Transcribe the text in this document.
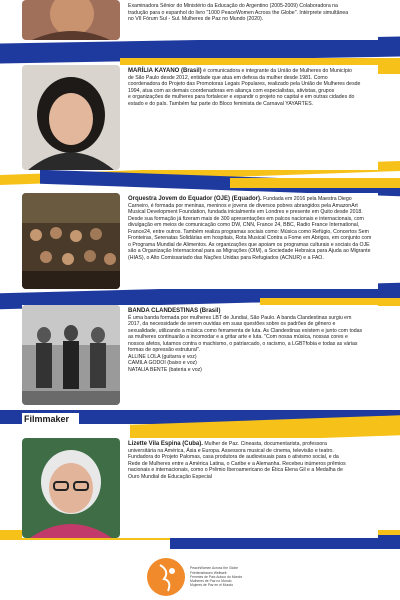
Examinadora Sênior do Ministério da Educação do Argentino (2005-2009) Colaboradora na
tradução para o espanhol do livro "1000 PeaceWomen Across the Globe". Intérprete simultânea
no VII Fórum Sul - Sul. Mulheres de Paz no Mundo (2020).
MARÍLIA KAYANO (Brasil) é comunicadora e integrante da União de Mulheres do Município
de São Paulo desde 2012, entidade que atua em defesa da mulher desde 1981. Como
coordenadora do Projeto das Promotoras Legais Populares, realizado pela União de Mulheres desde
1994, atua com as demais coordenadoras em aliança com especialistas, ativistas, grupos
e organizações de mulheres para fortalecer e expandir o projeto no capital e em outras cidades do
estado e do país. Também faz parte do Bloco feminista de Carnaval YAYARTES.
Orquestra Jovem do Equador (OJE) (Equador). Fundada em 2016 pela Maestra Diego
Carneiro, é formada por meninas, meninos e jovens de diversos pobres abrangidos pela AmazonArt
Musical Development Foundation, fundada inicialmente em Londres e presente em Quito desde 2018.
Desde sua formação já fizeram mais de 300 apresentações em palcos nacionais e internacionais, com
divulgação em meios de comunicação como DW, CNN, France 24, BBC, Radio France International,
France24, entre outros. Também realiza programas sociais como: Música como Refúgio, Concertos Sem
Fronteiras, Serenatas Solidárias em hospitais, Rota Musical Contra a Fome em Abrigos, em conjunto com
o Programa Mundial de Alimentos. As organizações que apoiam os programas culturais e sociais da OJE
são a Organização Internacional para as Migrações (OIM), a Sociedade Hebraica para Ajuda ao Migrante
(HIAS), o Alto Comissariado das Nações Unidas para Refugiados (ACNUR) e a FAO.
BANDA CLANDESTINAS (Brasil)
É uma banda formada por mulheres LBT de Jundiaí, São Paulo. A banda Clandestinas surgiu em
2017, da necessidade de serem ouvidas em suas questões sobre os padrões de gênero e
sexualidade, utilizando a música como ferramenta de luta. As Clandestinas existem e junto com todas
as mulheres continuarão a incomodar e a gritar arte e luta. "Com nossa música, nossas cores e
nossos afetos, lutamos contra o machismo, o patriarcado, o racismo, a LGBTfobia e todas as várias
formas de opressão estrutural".
ALLINE LOLA (guitarra e voz)
CAMILA GODOI (baixo e voz)
NATALIA BENTE (bateria e voz)
Filmmaker
Lizette Vila Espina (Cuba). Mulher de Paz. Cineasta, documentarista, professora
universitária na América, Ásia e Europa. Assessora musical de cinema, televisão e teatro.
Fundadora do Projeto Palomas, casa produtora de audiovisuais para o ativismo social, e da
Rede de Mulheres entre a América Latina, o Caribe e a Alemanha. Recebeu inúmeros prêmios
nacionais e internacionais, como o Prêmio Iberoamericano de Ética Elena Gil e a Medalha de
Ouro Mundial de Educação Especial
PeaceWomen Across the Globe
Friedensfrauen Weltweit
Femmes de Paix Autour du Monde
Mulheres de Paz no Mundo
Mujeres de Paz en el Mundo
